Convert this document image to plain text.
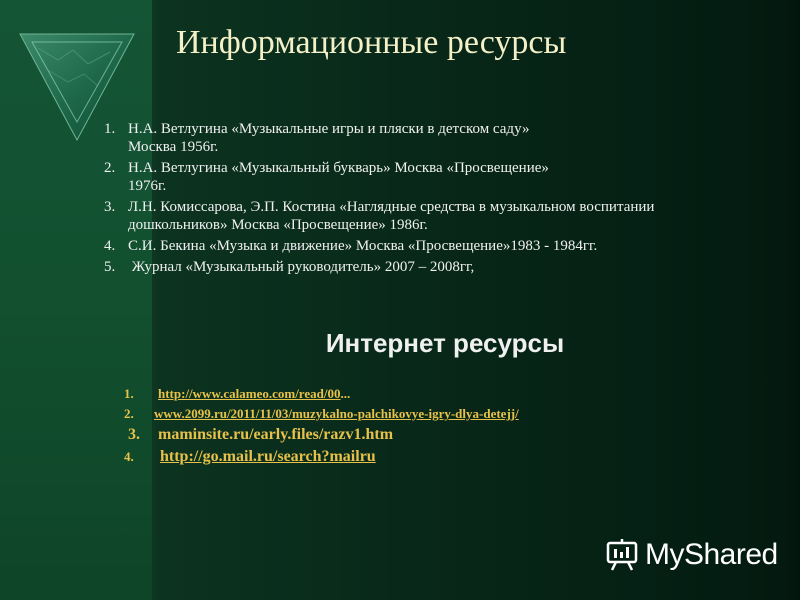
Информационные ресурсы
1. Н.А. Ветлугина «Музыкальные игры и пляски в детском саду»
Москва 1956г.
2. Н.А. Ветлугина «Музыкальный букварь» Москва «Просвещение»
1976г.
3. Л.Н. Комиссарова, Э.П. Костина «Наглядные средства в музыкальном воспитании
дошкольников» Москва «Просвещение» 1986г.
4. С.И. Бекина «Музыка и движение» Москва «Просвещение»1983 - 1984гг.
5. Журнал «Музыкальный руководитель» 2007 – 2008гг,
Интернет ресурсы
1. http://www.calameo.com/read/00...
2. www.2099.ru/2011/11/03/muzykalno-palchikovye-igry-dlya-detejj/
3. maminsite.ru/early.files/razv1.htm
4. http://go.mail.ru/search?mailru
MyShared
